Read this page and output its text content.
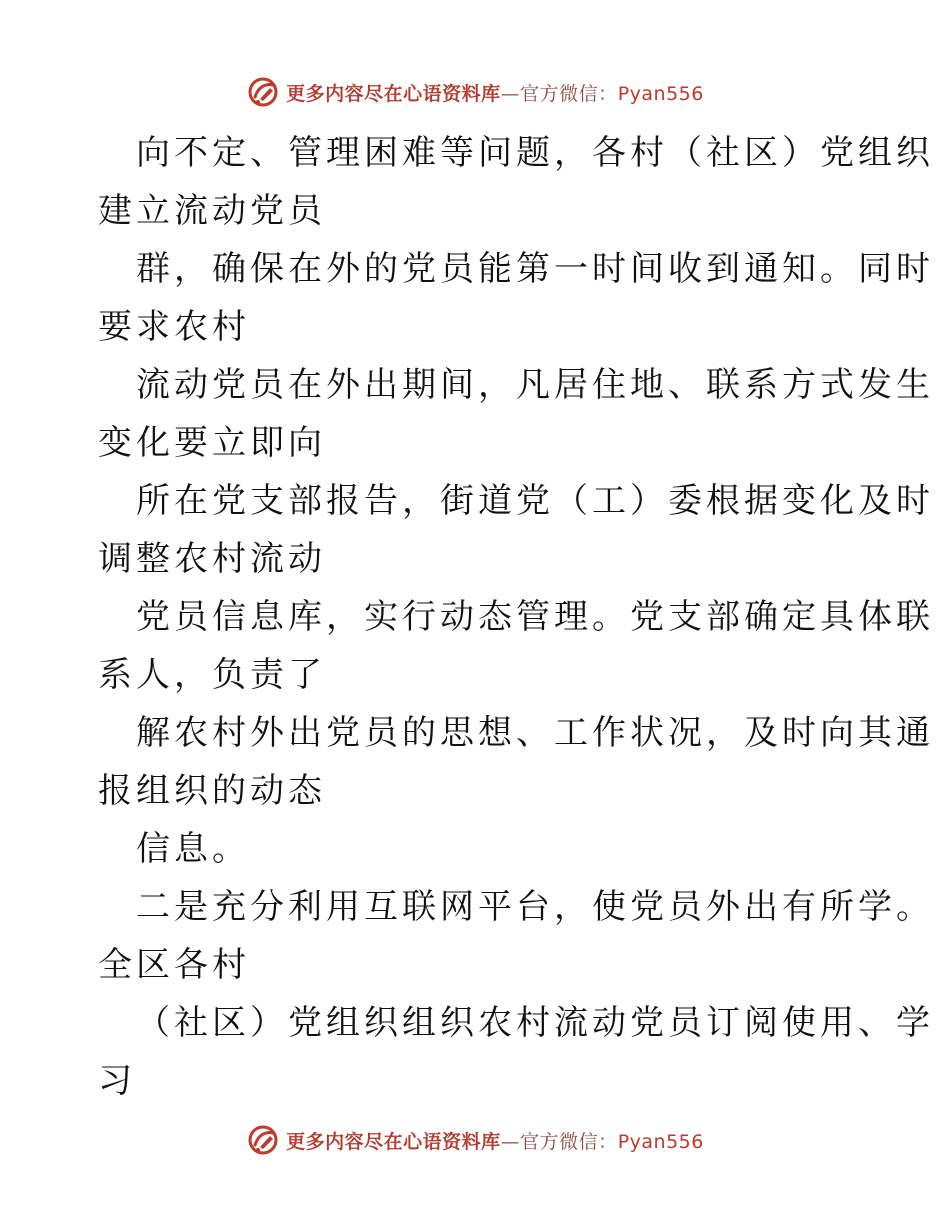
更多内容尽在心语资料库—官方微信：Pyan556
向不定、管理困难等问题，各村（社区）党组织
建立流动党员
群，确保在外的党员能第一时间收到通知。同时
要求农村
流动党员在外出期间，凡居住地、联系方式发生
变化要立即向
所在党支部报告，街道党（工）委根据变化及时
调整农村流动
党员信息库，实行动态管理。党支部确定具体联
系人，负责了
解农村外出党员的思想、工作状况，及时向其通
报组织的动态
信息。
二是充分利用互联网平台，使党员外出有所学。
全区各村
（社区）党组织组织农村流动党员订阅使用、学
习
更多内容尽在心语资料库—官方微信：Pyan556
